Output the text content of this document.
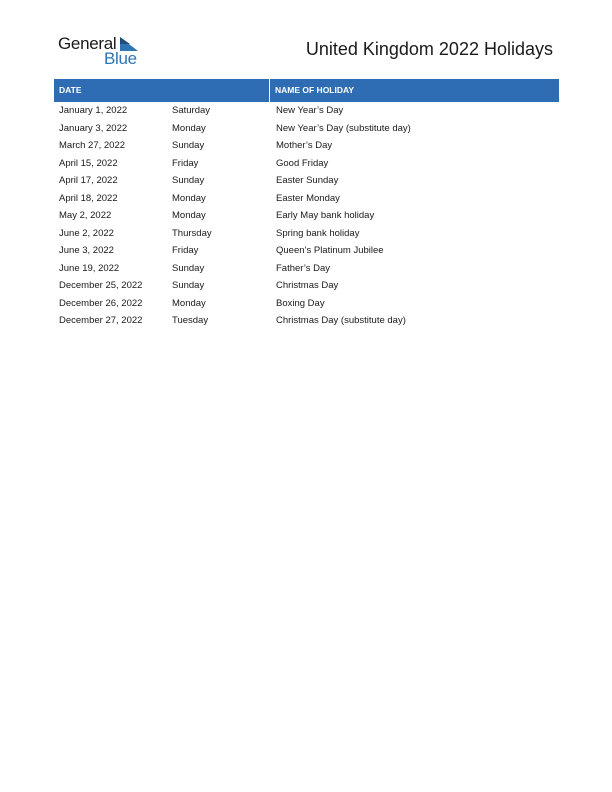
General
Blue	United Kingdom 2022 Holidays
DATE	NAME OF HOLIDAY
January 1, 2022	Saturday	New Year’s Day
January 3, 2022	Monday	New Year’s Day (substitute day)
March 27, 2022	Sunday	Mother’s Day
April 15, 2022	Friday	Good Friday
April 17, 2022	Sunday	Easter Sunday
April 18, 2022	Monday	Easter Monday
May 2, 2022	Monday	Early May bank holiday
June 2, 2022	Thursday	Spring bank holiday
June 3, 2022	Friday	Queen’s Platinum Jubilee
June 19, 2022	Sunday	Father’s Day
December 25, 2022	Sunday	Christmas Day
December 26, 2022	Monday	Boxing Day
December 27, 2022	Tuesday	Christmas Day (substitute day)
